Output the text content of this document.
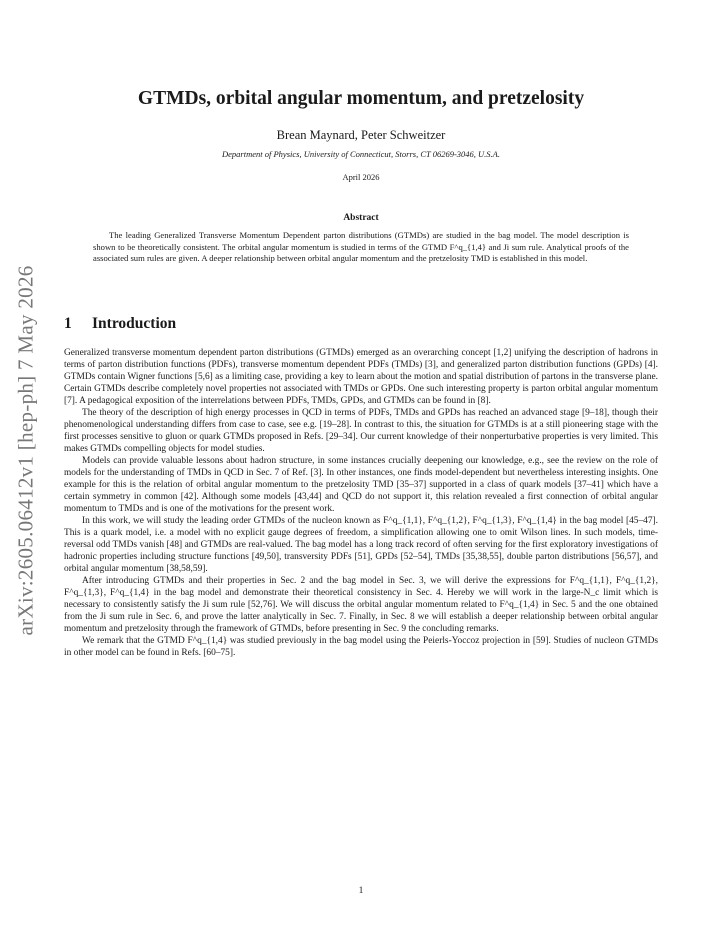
arXiv:2605.06412v1 [hep-ph] 7 May 2026
GTMDs, orbital angular momentum, and pretzelosity
Brean Maynard, Peter Schweitzer
Department of Physics, University of Connecticut, Storrs, CT 06269-3046, U.S.A.
April 2026
Abstract

The leading Generalized Transverse Momentum Dependent parton distributions (GTMDs) are studied in the bag model. The model description is shown to be theoretically consistent. The orbital angular momentum is studied in terms of the GTMD F^q_{1,4} and Ji sum rule. Analytical proofs of the associated sum rules are given. A deeper relationship between orbital angular momentum and the pretzelosity TMD is established in this model.

1 Introduction

Generalized transverse momentum dependent parton distributions (GTMDs) emerged as an overarching concept [1,2] unifying the description of hadrons in terms of parton distribution functions (PDFs), transverse momentum dependent PDFs (TMDs) [3], and generalized parton distribution functions (GPDs) [4]. GTMDs contain Wigner functions [5,6] as a limiting case, providing a key to learn about the motion and spatial distribution of partons in the transverse plane. Certain GTMDs describe completely novel properties not associated with TMDs or GPDs. One such interesting property is parton orbital angular momentum [7]. A pedagogical exposition of the interrelations between PDFs, TMDs, GPDs, and GTMDs can be found in [8].

The theory of the description of high energy processes in QCD in terms of PDFs, TMDs and GPDs has reached an advanced stage [9–18], though their phenomenological understanding differs from case to case, see e.g. [19–28]. In contrast to this, the situation for GTMDs is at a still pioneering stage with the first processes sensitive to gluon or quark GTMDs proposed in Refs. [29–34]. Our current knowledge of their nonperturbative properties is very limited. This makes GTMDs compelling objects for model studies.

Models can provide valuable lessons about hadron structure, in some instances crucially deepening our knowledge, e.g., see the review on the role of models for the understanding of TMDs in QCD in Sec. 7 of Ref. [3]. In other instances, one finds model-dependent but nevertheless interesting insights. One example for this is the relation of orbital angular momentum to the pretzelosity TMD [35–37] supported in a class of quark models [37–41] which have a certain symmetry in common [42]. Although some models [43,44] and QCD do not support it, this relation revealed a first connection of orbital angular momentum to TMDs and is one of the motivations for the present work.

In this work, we will study the leading order GTMDs of the nucleon known as F^q_{1,1}, F^q_{1,2}, F^q_{1,3}, F^q_{1,4} in the bag model [45–47]. This is a quark model, i.e. a model with no explicit gauge degrees of freedom, a simplification allowing one to omit Wilson lines. In such models, time-reversal odd TMDs vanish [48] and GTMDs are real-valued. The bag model has a long track record of often serving for the first exploratory investigations of hadronic properties including structure functions [49,50], transversity PDFs [51], GPDs [52–54], TMDs [35,38,55], double parton distributions [56,57], and orbital angular momentum [38,58,59].

After introducing GTMDs and their properties in Sec. 2 and the bag model in Sec. 3, we will derive the expressions for F^q_{1,1}, F^q_{1,2}, F^q_{1,3}, F^q_{1,4} in the bag model and demonstrate their theoretical consistency in Sec. 4. Hereby we will work in the large-N_c limit which is necessary to consistently satisfy the Ji sum rule [52,76]. We will discuss the orbital angular momentum related to F^q_{1,4} in Sec. 5 and the one obtained from the Ji sum rule in Sec. 6, and prove the latter analytically in Sec. 7. Finally, in Sec. 8 we will establish a deeper relationship between orbital angular momentum and pretzelosity through the framework of GTMDs, before presenting in Sec. 9 the concluding remarks.

We remark that the GTMD F^q_{1,4} was studied previously in the bag model using the Peierls-Yoccoz projection in [59]. Studies of nucleon GTMDs in other model can be found in Refs. [60–75].

1
